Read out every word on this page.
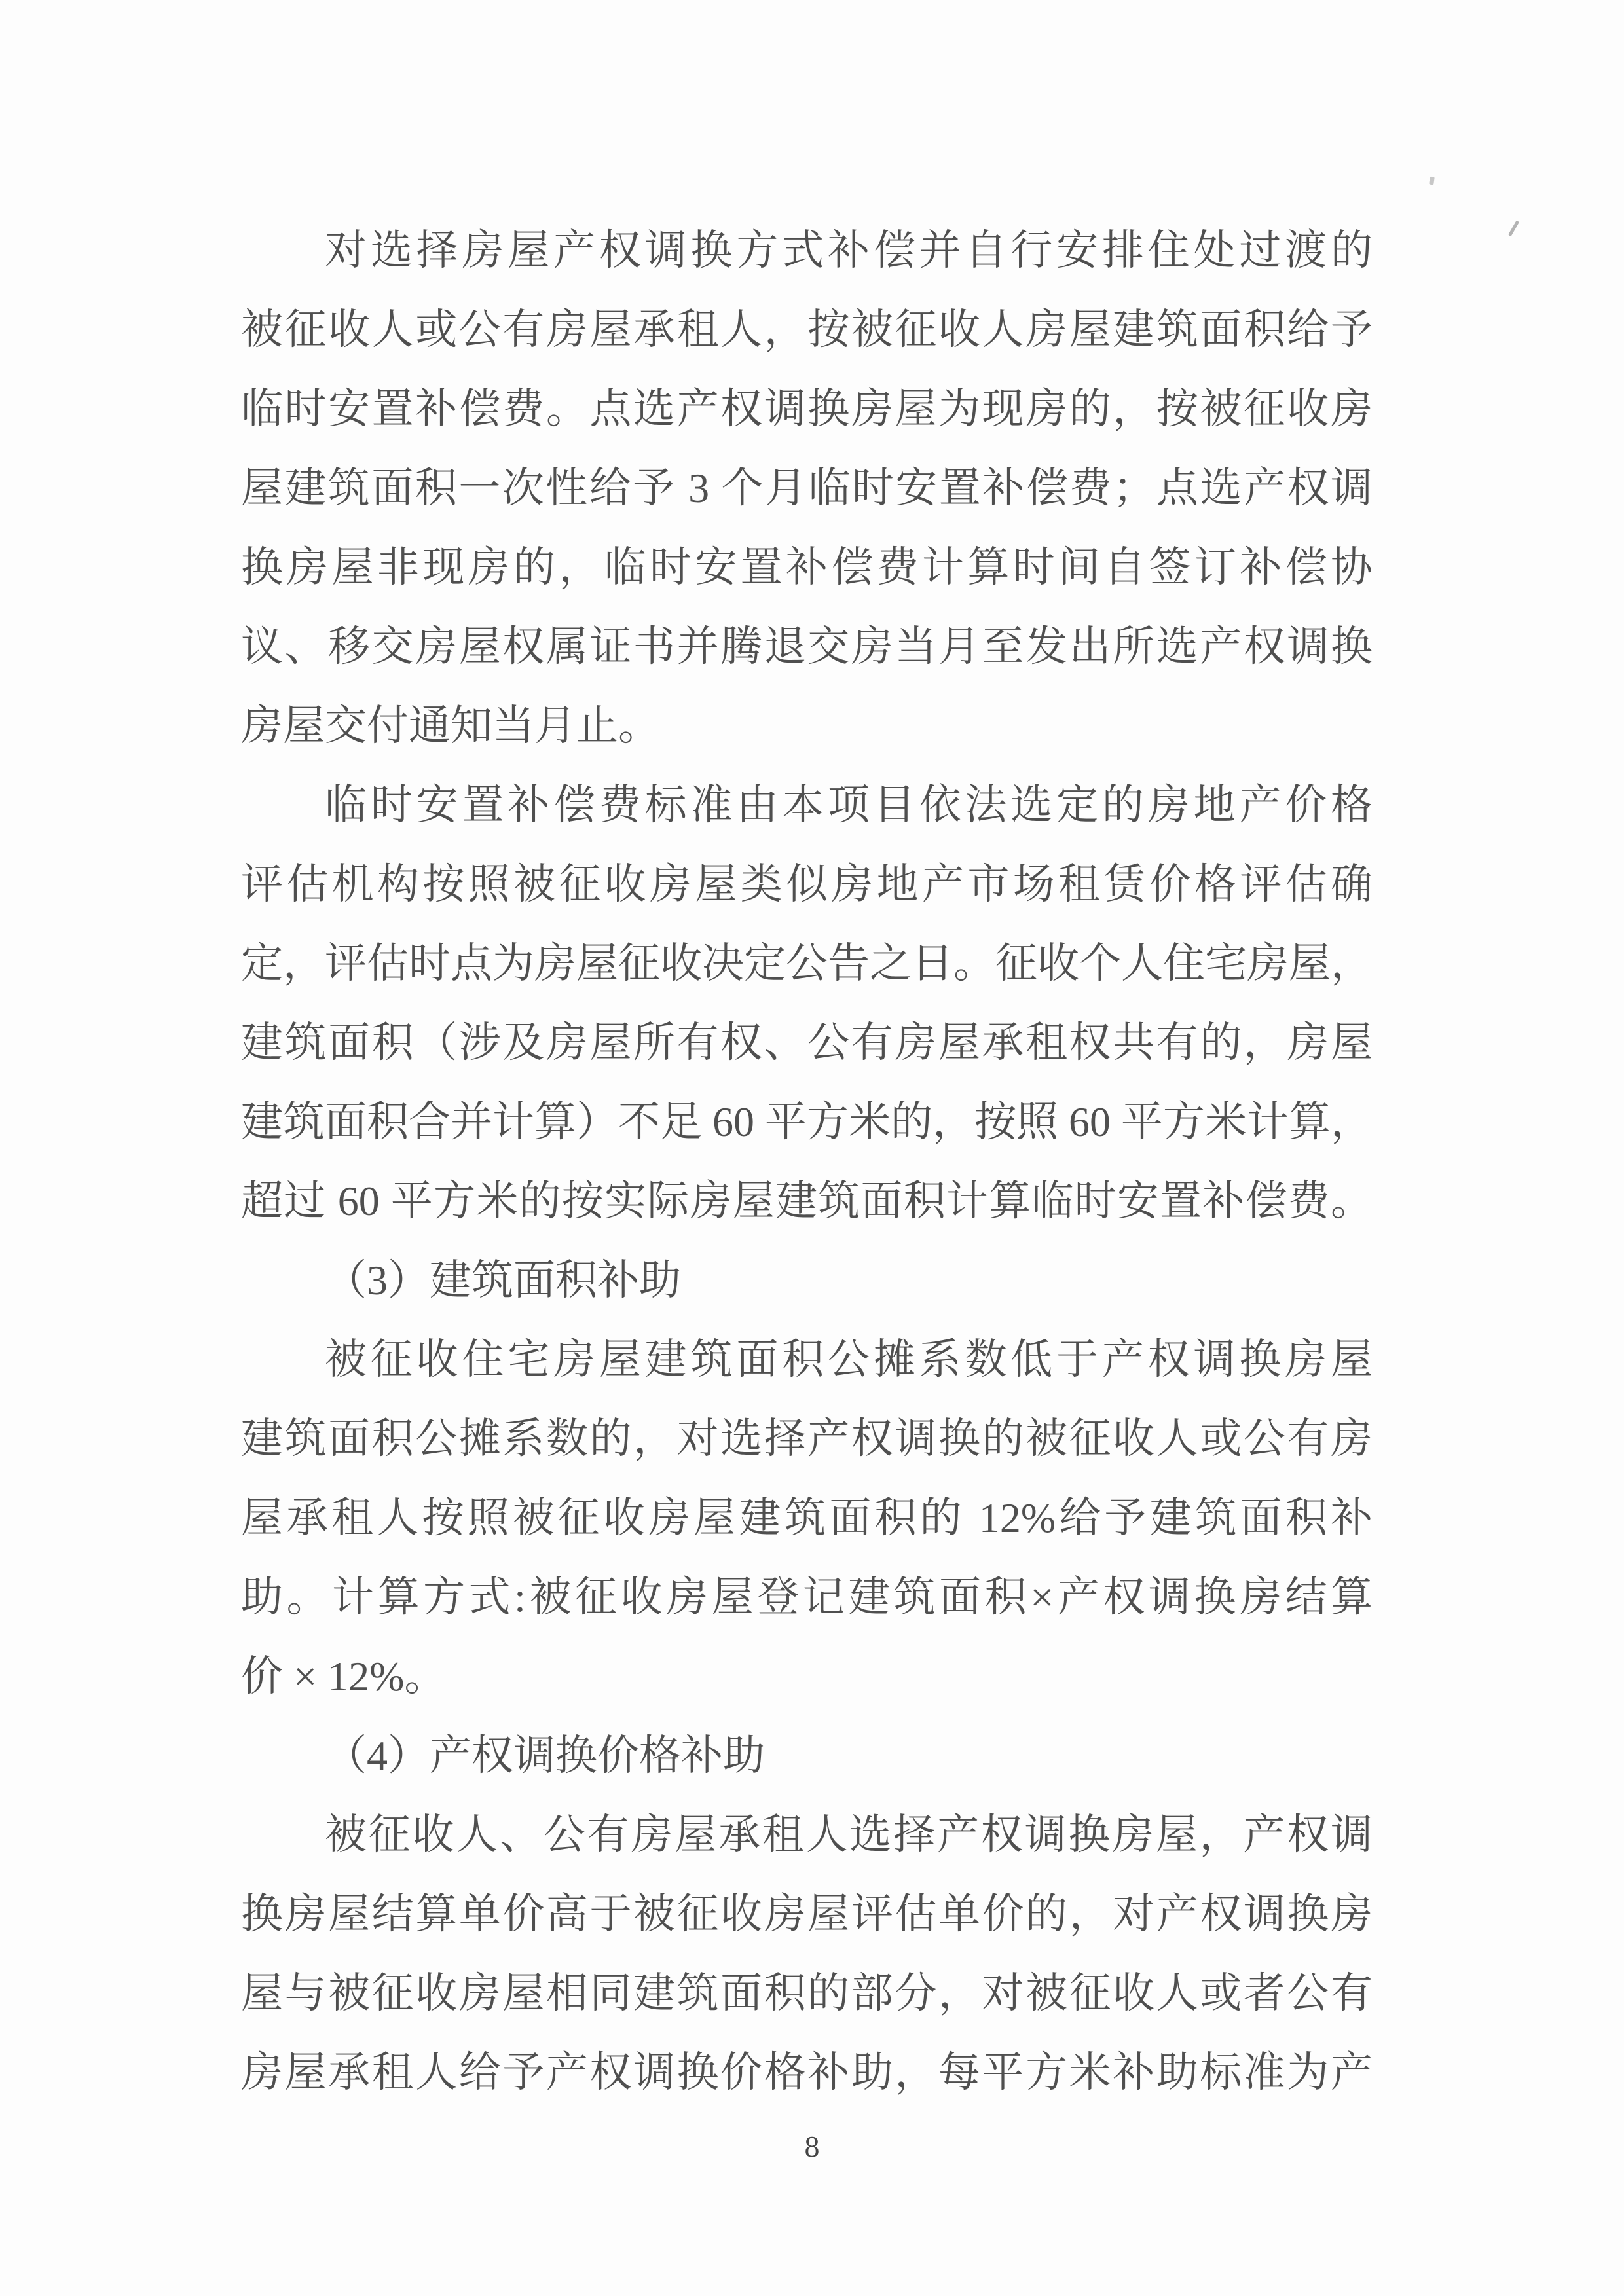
对选择房屋产权调换方式补偿并自行安排住处过渡的
被征收人或公有房屋承租人，按被征收人房屋建筑面积给予
临时安置补偿费。点选产权调换房屋为现房的，按被征收房
屋建筑面积一次性给予 3 个月临时安置补偿费；点选产权调
换房屋非现房的，临时安置补偿费计算时间自签订补偿协
议、移交房屋权属证书并腾退交房当月至发出所选产权调换
房屋交付通知当月止。
临时安置补偿费标准由本项目依法选定的房地产价格
评估机构按照被征收房屋类似房地产市场租赁价格评估确
定，评估时点为房屋征收决定公告之日。征收个人住宅房屋，
建筑面积（涉及房屋所有权、公有房屋承租权共有的，房屋
建筑面积合并计算）不足 60 平方米的，按照 60 平方米计算，
超过 60 平方米的按实际房屋建筑面积计算临时安置补偿费。
（3）建筑面积补助
被征收住宅房屋建筑面积公摊系数低于产权调换房屋
建筑面积公摊系数的，对选择产权调换的被征收人或公有房
屋承租人按照被征收房屋建筑面积的 12%给予建筑面积补
助。计算方式:被征收房屋登记建筑面积×产权调换房结算
价 × 12%。
（4）产权调换价格补助
被征收人、公有房屋承租人选择产权调换房屋，产权调
换房屋结算单价高于被征收房屋评估单价的，对产权调换房
屋与被征收房屋相同建筑面积的部分，对被征收人或者公有
房屋承租人给予产权调换价格补助，每平方米补助标准为产
8
